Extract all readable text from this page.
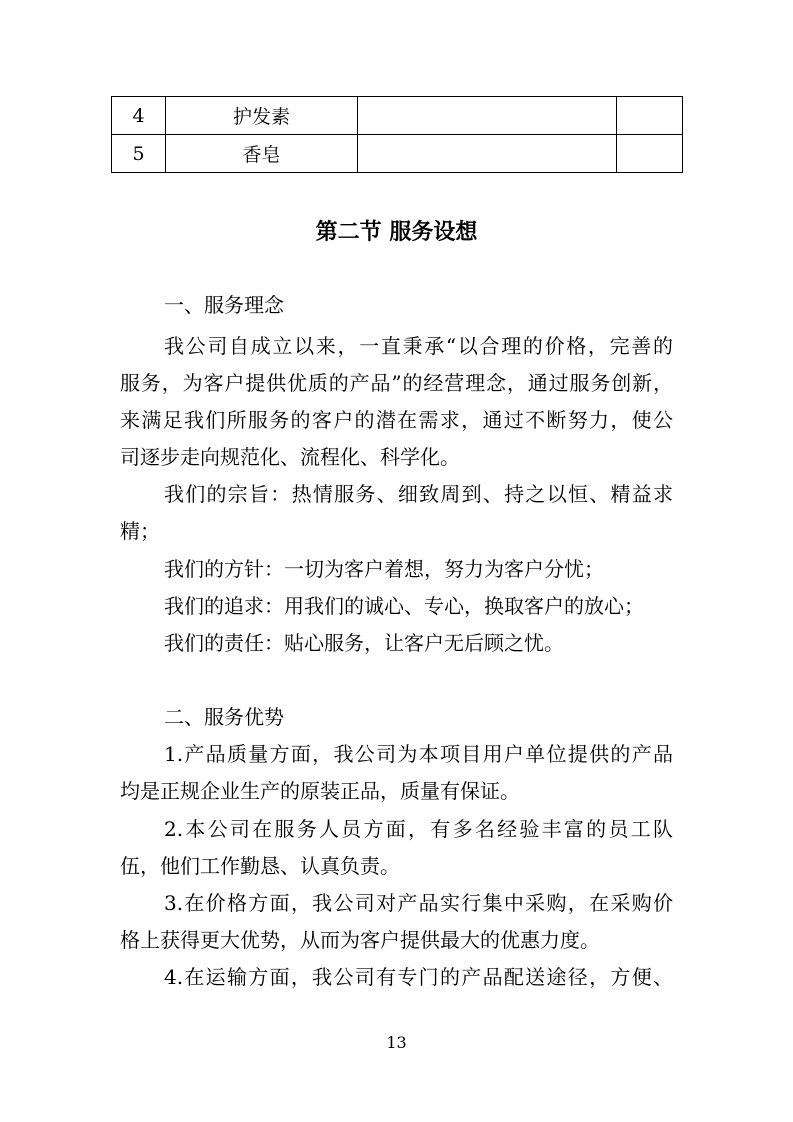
4	护发素		
5	香皂		
第二节 服务设想
一、服务理念
我公司自成立以来，一直秉承“以合理的价格，完善的
服务，为客户提供优质的产品”的经营理念，通过服务创新，
来满足我们所服务的客户的潜在需求，通过不断努力，使公
司逐步走向规范化、流程化、科学化。
我们的宗旨：热情服务、细致周到、持之以恒、精益求
精；
我们的方针：一切为客户着想，努力为客户分忧；
我们的追求：用我们的诚心、专心，换取客户的放心；
我们的责任：贴心服务，让客户无后顾之忧。
二、服务优势
1.产品质量方面，我公司为本项目用户单位提供的产品
均是正规企业生产的原装正品，质量有保证。
2.本公司在服务人员方面，有多名经验丰富的员工队
伍，他们工作勤恳、认真负责。
3.在价格方面，我公司对产品实行集中采购，在采购价
格上获得更大优势，从而为客户提供最大的优惠力度。
4.在运输方面，我公司有专门的产品配送途径，方便、
13
